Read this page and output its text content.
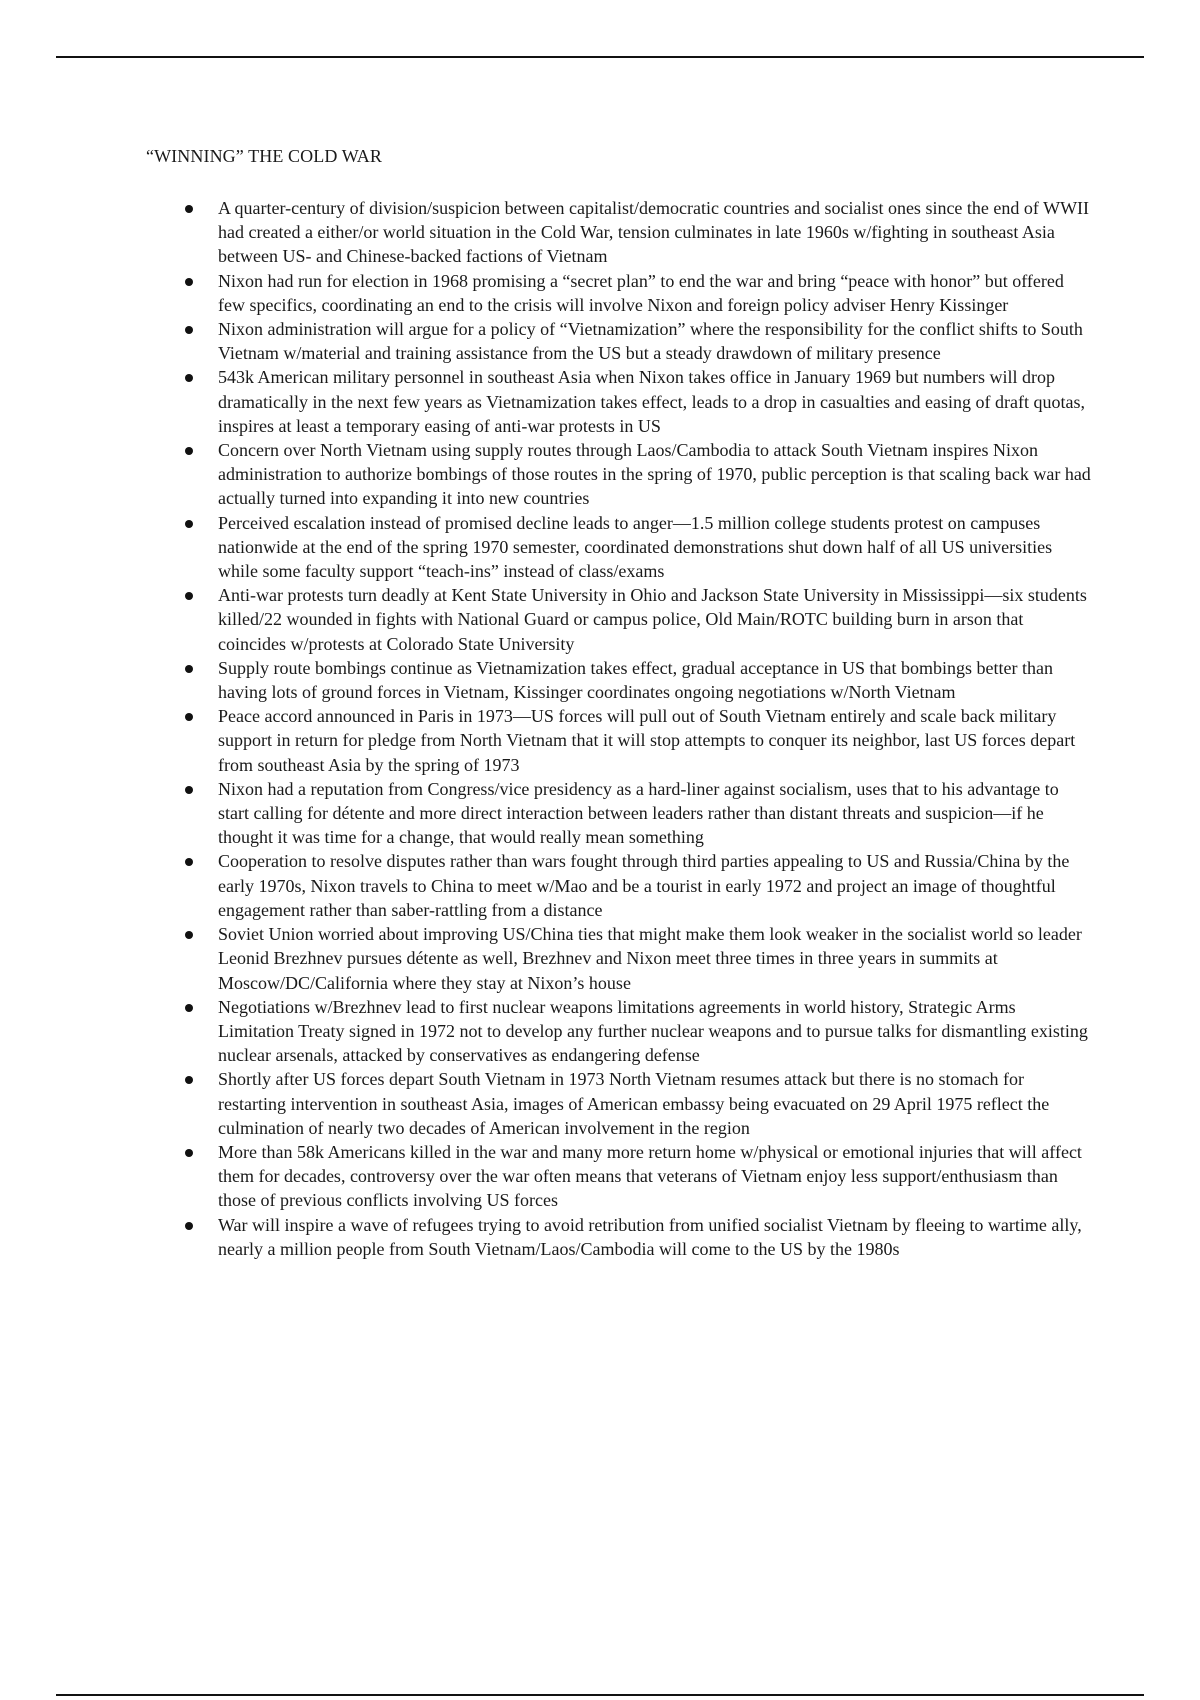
“WINNING” THE COLD WAR
A quarter-century of division/suspicion between capitalist/democratic countries and socialist ones since the end of WWII had created a either/or world situation in the Cold War, tension culminates in late 1960s w/fighting in southeast Asia between US- and Chinese-backed factions of Vietnam
Nixon had run for election in 1968 promising a “secret plan” to end the war and bring “peace with honor” but offered few specifics, coordinating an end to the crisis will involve Nixon and foreign policy adviser Henry Kissinger
Nixon administration will argue for a policy of “Vietnamization” where the responsibility for the conflict shifts to South Vietnam w/material and training assistance from the US but a steady drawdown of military presence
543k American military personnel in southeast Asia when Nixon takes office in January 1969 but numbers will drop dramatically in the next few years as Vietnamization takes effect, leads to a drop in casualties and easing of draft quotas, inspires at least a temporary easing of anti-war protests in US
Concern over North Vietnam using supply routes through Laos/Cambodia to attack South Vietnam inspires Nixon administration to authorize bombings of those routes in the spring of 1970, public perception is that scaling back war had actually turned into expanding it into new countries
Perceived escalation instead of promised decline leads to anger—1.5 million college students protest on campuses nationwide at the end of the spring 1970 semester, coordinated demonstrations shut down half of all US universities while some faculty support “teach-ins” instead of class/exams
Anti-war protests turn deadly at Kent State University in Ohio and Jackson State University in Mississippi—six students killed/22 wounded in fights with National Guard or campus police, Old Main/ROTC building burn in arson that coincides w/protests at Colorado State University
Supply route bombings continue as Vietnamization takes effect, gradual acceptance in US that bombings better than having lots of ground forces in Vietnam, Kissinger coordinates ongoing negotiations w/North Vietnam
Peace accord announced in Paris in 1973—US forces will pull out of South Vietnam entirely and scale back military support in return for pledge from North Vietnam that it will stop attempts to conquer its neighbor, last US forces depart from southeast Asia by the spring of 1973
Nixon had a reputation from Congress/vice presidency as a hard-liner against socialism, uses that to his advantage to start calling for détente and more direct interaction between leaders rather than distant threats and suspicion—if he thought it was time for a change, that would really mean something
Cooperation to resolve disputes rather than wars fought through third parties appealing to US and Russia/China by the early 1970s, Nixon travels to China to meet w/Mao and be a tourist in early 1972 and project an image of thoughtful engagement rather than saber-rattling from a distance
Soviet Union worried about improving US/China ties that might make them look weaker in the socialist world so leader Leonid Brezhnev pursues détente as well, Brezhnev and Nixon meet three times in three years in summits at Moscow/DC/California where they stay at Nixon’s house
Negotiations w/Brezhnev lead to first nuclear weapons limitations agreements in world history, Strategic Arms Limitation Treaty signed in 1972 not to develop any further nuclear weapons and to pursue talks for dismantling existing nuclear arsenals, attacked by conservatives as endangering defense
Shortly after US forces depart South Vietnam in 1973 North Vietnam resumes attack but there is no stomach for restarting intervention in southeast Asia, images of American embassy being evacuated on 29 April 1975 reflect the culmination of nearly two decades of American involvement in the region
More than 58k Americans killed in the war and many more return home w/physical or emotional injuries that will affect them for decades, controversy over the war often means that veterans of Vietnam enjoy less support/enthusiasm than those of previous conflicts involving US forces
War will inspire a wave of refugees trying to avoid retribution from unified socialist Vietnam by fleeing to wartime ally, nearly a million people from South Vietnam/Laos/Cambodia will come to the US by the 1980s
